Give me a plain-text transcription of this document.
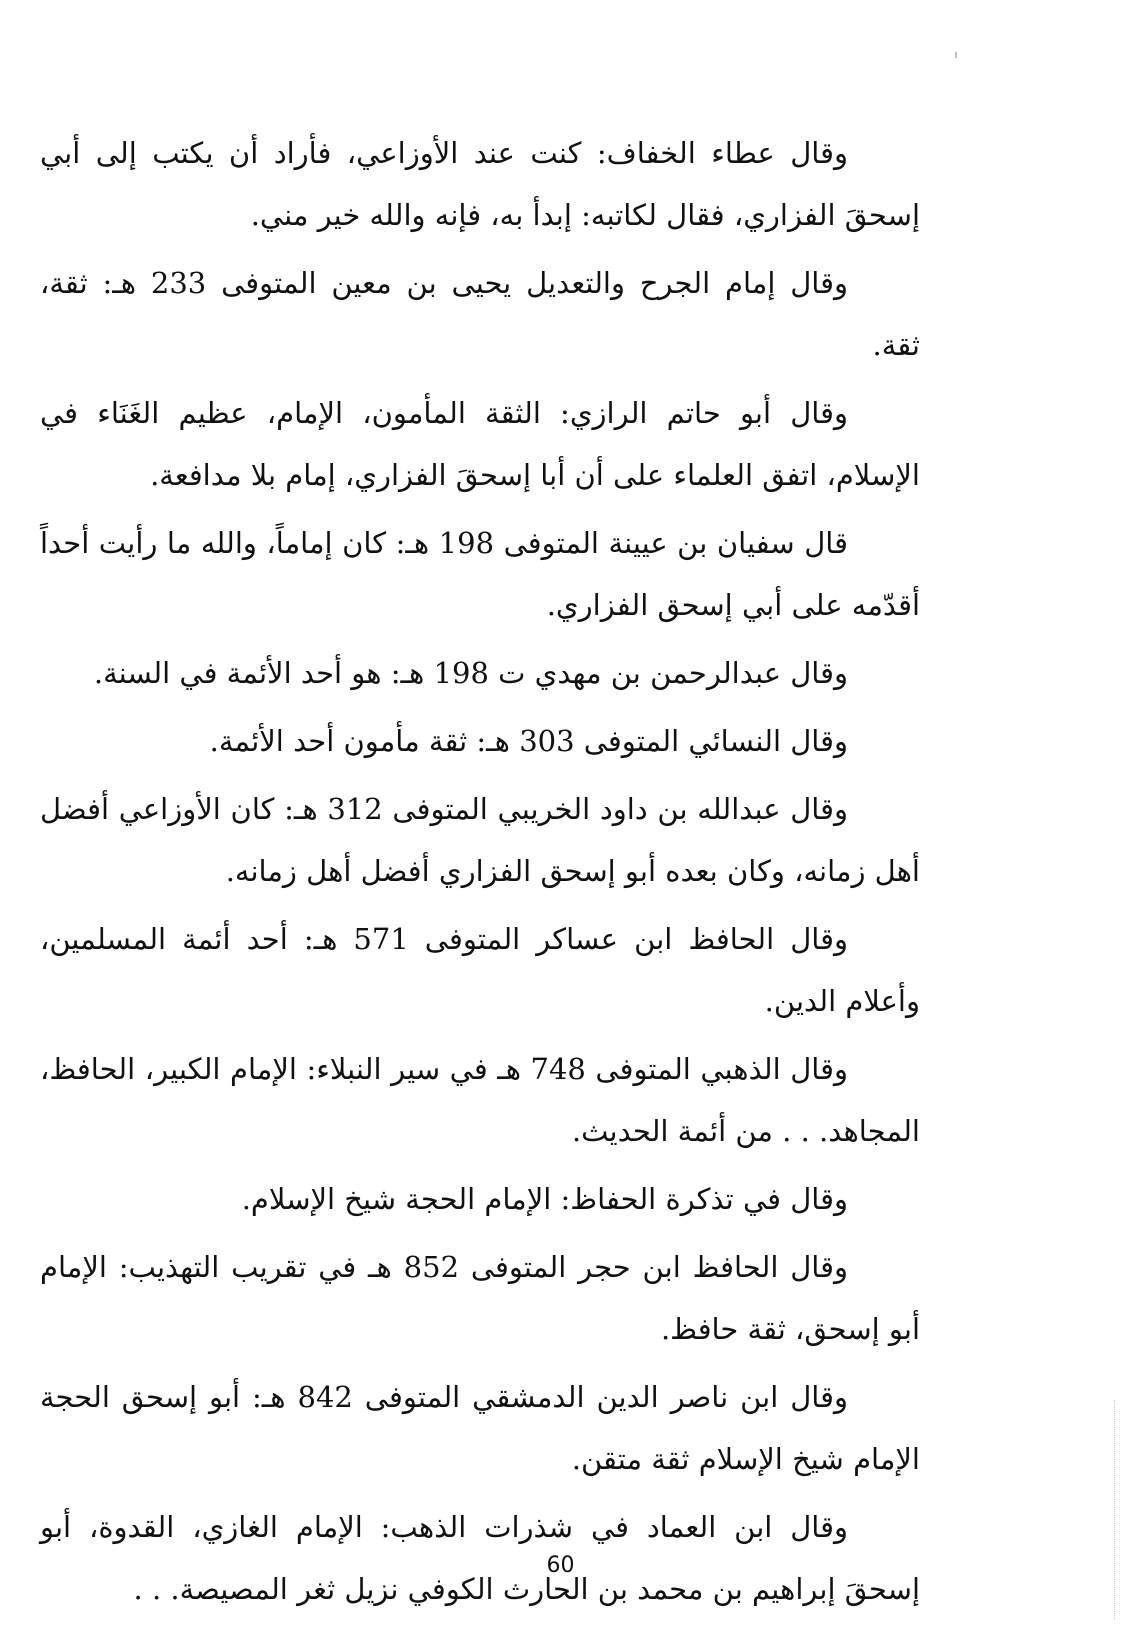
وقال عطاء الخفاف: كنت عند الأوزاعي، فأراد أن يكتب إلى أبي إسحقَ الفزاري، فقال لكاتبه: إبدأ به، فإنه والله خير مني.

وقال إمام الجرح والتعديل يحيى بن معين المتوفى 233 هـ: ثقة، ثقة.

وقال أبو حاتم الرازي: الثقة المأمون، الإمام، عظيم الغَنَاء في الإسلام، اتفق العلماء على أن أبا إسحقَ الفزاري، إمام بلا مدافعة.

قال سفيان بن عيينة المتوفى 198 هـ: كان إماماً، والله ما رأيت أحداً أقدّمه على أبي إسحق الفزاري.

وقال عبدالرحمن بن مهدي ت 198 هـ: هو أحد الأئمة في السنة.

وقال النسائي المتوفى 303 هـ: ثقة مأمون أحد الأئمة.

وقال عبدالله بن داود الخريبي المتوفى 312 هـ: كان الأوزاعي أفضل أهل زمانه، وكان بعده أبو إسحق الفزاري أفضل أهل زمانه.

وقال الحافظ ابن عساكر المتوفى 571 هـ: أحد أئمة المسلمين، وأعلام الدين.

وقال الذهبي المتوفى 748 هـ في سير النبلاء: الإمام الكبير، الحافظ، المجاهد. . . من أئمة الحديث.

وقال في تذكرة الحفاظ: الإمام الحجة شيخ الإسلام.

وقال الحافظ ابن حجر المتوفى 852 هـ في تقريب التهذيب: الإمام أبو إسحق، ثقة حافظ.

وقال ابن ناصر الدين الدمشقي المتوفى 842 هـ: أبو إسحق الحجة الإمام شيخ الإسلام ثقة متقن.

وقال ابن العماد في شذرات الذهب: الإمام الغازي، القدوة، أبو إسحقَ إبراهيم بن محمد بن الحارث الكوفي نزيل ثغر المصيصة. . .

60
